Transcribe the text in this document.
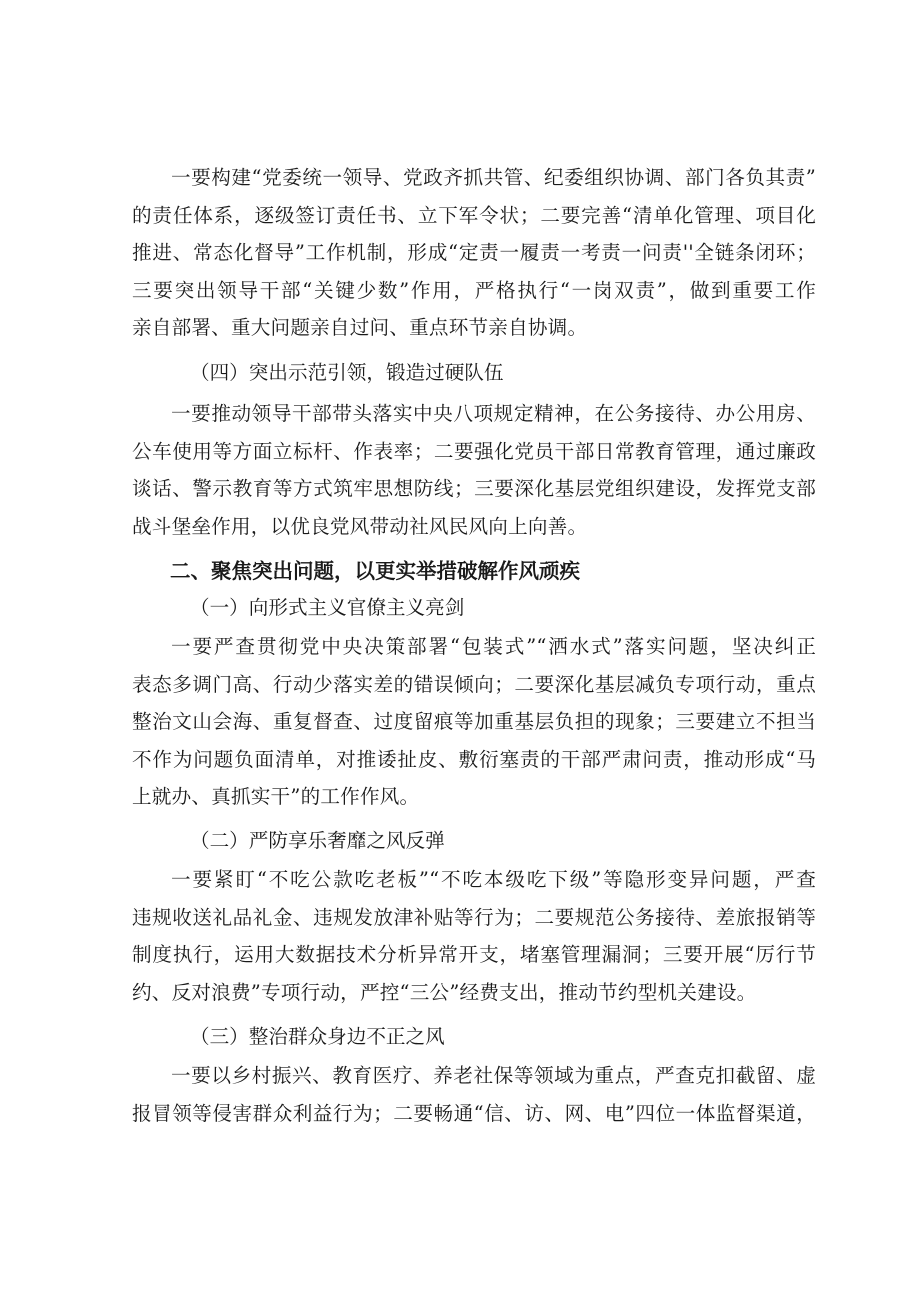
一要构建“党委统一领导、党政齐抓共管、纪委组织协调、部门各负其责”
的责任体系，逐级签订责任书、立下军令状；二要完善“清单化管理、项目化
推进、常态化督导”工作机制，形成“定责一履责一考责一问责''全链条闭环；
三要突出领导干部“关键少数”作用，严格执行“一岗双责”，做到重要工作
亲自部署、重大问题亲自过问、重点环节亲自协调。
（四）突出示范引领，锻造过硬队伍
一要推动领导干部带头落实中央八项规定精神，在公务接待、办公用房、
公车使用等方面立标杆、作表率；二要强化党员干部日常教育管理，通过廉政
谈话、警示教育等方式筑牢思想防线；三要深化基层党组织建设，发挥党支部
战斗堡垒作用，以优良党风带动社风民风向上向善。
二、聚焦突出问题，以更实举措破解作风顽疾
（一）向形式主义官僚主义亮剑
一要严查贯彻党中央决策部署“包装式”“洒水式”落实问题，坚决纠正
表态多调门高、行动少落实差的错误倾向；二要深化基层减负专项行动，重点
整治文山会海、重复督查、过度留痕等加重基层负担的现象；三要建立不担当
不作为问题负面清单，对推诿扯皮、敷衍塞责的干部严肃问责，推动形成“马
上就办、真抓实干”的工作作风。
（二）严防享乐奢靡之风反弹
一要紧盯“不吃公款吃老板”“不吃本级吃下级”等隐形变异问题，严查
违规收送礼品礼金、违规发放津补贴等行为；二要规范公务接待、差旅报销等
制度执行，运用大数据技术分析异常开支，堵塞管理漏洞；三要开展“厉行节
约、反对浪费”专项行动，严控“三公”经费支出，推动节约型机关建设。
（三）整治群众身边不正之风
一要以乡村振兴、教育医疗、养老社保等领域为重点，严查克扣截留、虚
报冒领等侵害群众利益行为；二要畅通“信、访、网、电”四位一体监督渠道，
